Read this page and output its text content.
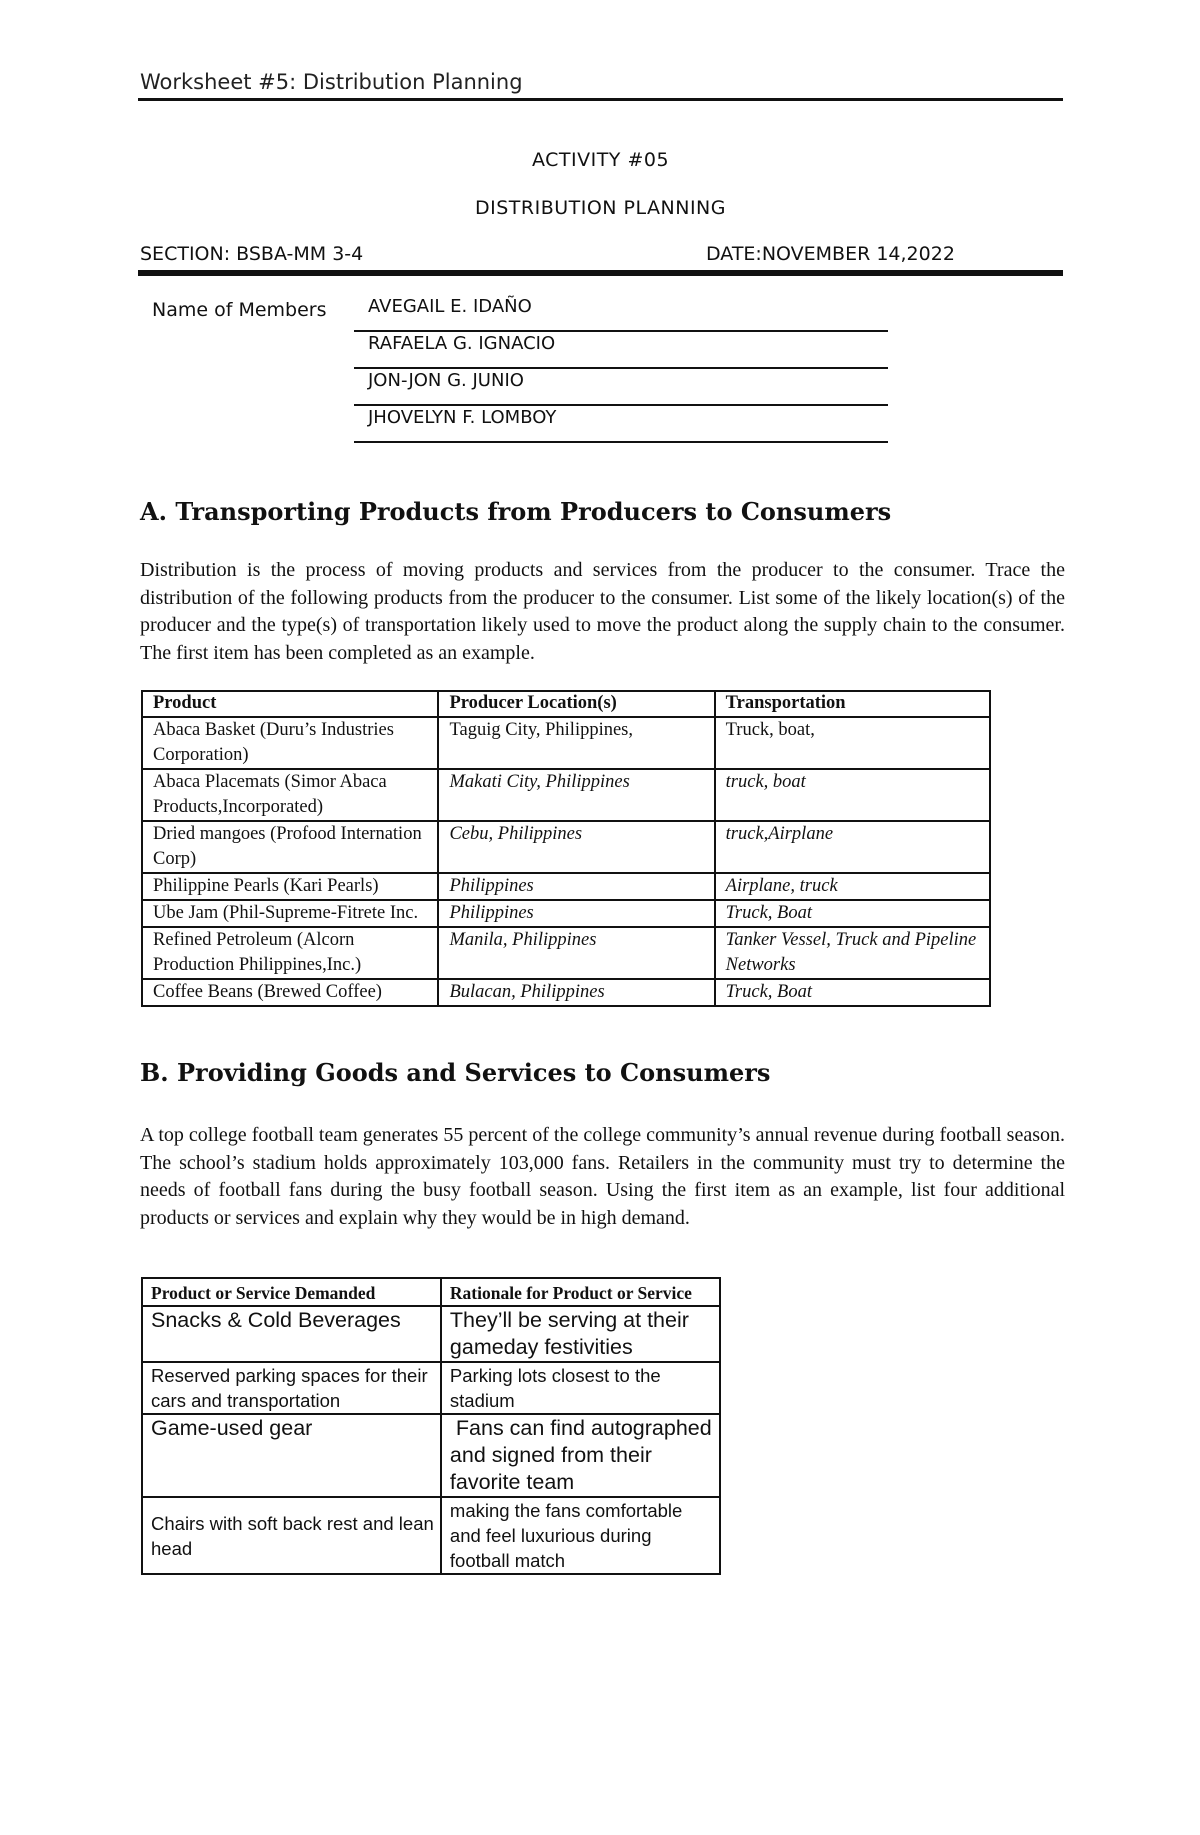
Worksheet #5: Distribution Planning
ACTIVITY #05
DISTRIBUTION PLANNING
SECTION: BSBA-MM 3-4	DATE:NOVEMBER 14,2022
Name of Members	AVEGAIL E. IDAÑO
RAFAELA G. IGNACIO
JON-JON G. JUNIO
JHOVELYN F. LOMBOY
A. Transporting Products from Producers to Consumers
Distribution is the process of moving products and services from the producer to the consumer. Trace the distribution of the following products from the producer to the consumer. List some of the likely location(s) of the producer and the type(s) of transportation likely used to move the product along the supply chain to the consumer. The first item has been completed as an example.
Product	Producer Location(s)	Transportation
Abaca Basket (Duru’s Industries Corporation)	Taguig City, Philippines,	Truck, boat,
Abaca Placemats (Simor Abaca Products,Incorporated)	Makati City, Philippines	truck, boat
Dried mangoes (Profood Internation Corp)	Cebu, Philippines	truck,Airplane
Philippine Pearls (Kari Pearls)	Philippines	Airplane, truck
Ube Jam (Phil-Supreme-Fitrete Inc.	Philippines	Truck, Boat
Refined Petroleum (Alcorn Production Philippines,Inc.)	Manila, Philippines	Tanker Vessel, Truck and Pipeline Networks
Coffee Beans (Brewed Coffee)	Bulacan, Philippines	Truck, Boat
B. Providing Goods and Services to Consumers
A top college football team generates 55 percent of the college community’s annual revenue during football season. The school’s stadium holds approximately 103,000 fans. Retailers in the community must try to determine the needs of football fans during the busy football season. Using the first item as an example, list four additional products or services and explain why they would be in high demand.
Product or Service Demanded	Rationale for Product or Service
Snacks & Cold Beverages	They’ll be serving at their gameday festivities
Reserved parking spaces for their cars and transportation	Parking lots closest to the stadium
Game-used gear	Fans can find autographed and signed from their favorite team
Chairs with soft back rest and lean head	making the fans comfortable and feel luxurious during football match
